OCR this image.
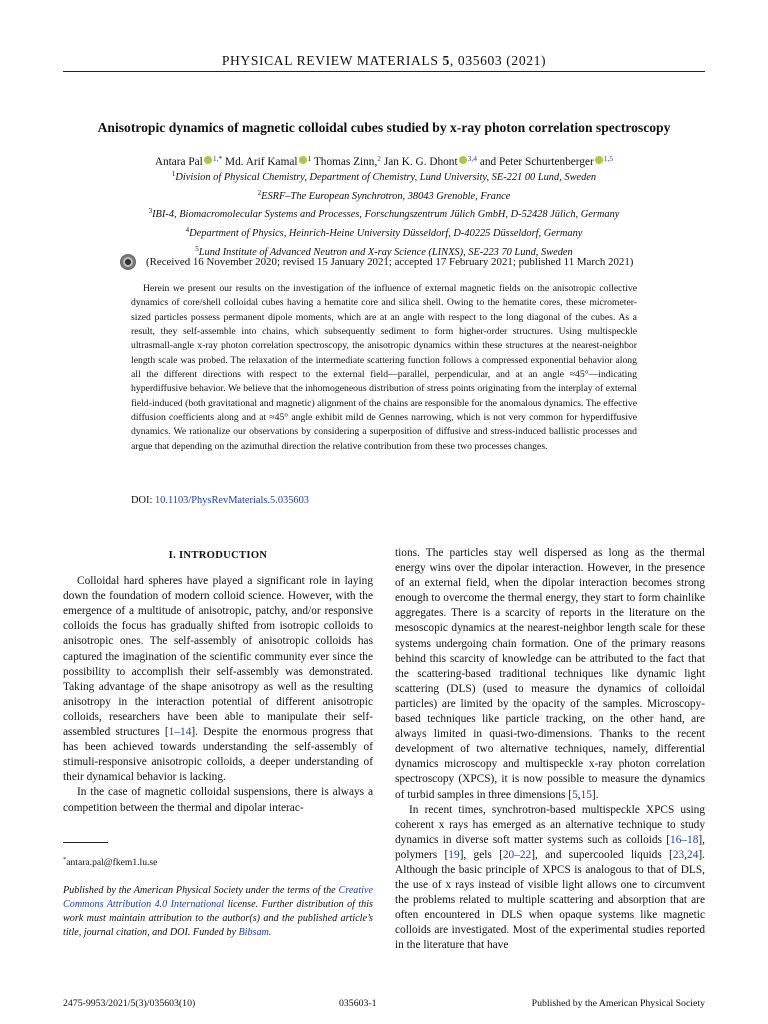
PHYSICAL REVIEW MATERIALS 5, 035603 (2021)
Anisotropic dynamics of magnetic colloidal cubes studied by x-ray photon correlation spectroscopy
Antara Pal $^{1,*}$ Md. Arif Kamal $^1$ Thomas Zinn,$^2$ Jan K. G. Dhont $^{3,4}$ and Peter Schurtenberger $^{1,5}$
$^1$Division of Physical Chemistry, Department of Chemistry, Lund University, SE-221 00 Lund, Sweden
$^2$ESRF–The European Synchrotron, 38043 Grenoble, France
$^3$IBI-4, Biomacromolecular Systems and Processes, Forschungszentrum Jülich GmbH, D-52428 Jülich, Germany
$^4$Department of Physics, Heinrich-Heine University Düsseldorf, D-40225 Düsseldorf, Germany
$^5$Lund Institute of Advanced Neutron and X-ray Science (LINXS), SE-223 70 Lund, Sweden
(Received 16 November 2020; revised 15 January 2021; accepted 17 February 2021; published 11 March 2021)
Herein we present our results on the investigation of the influence of external magnetic fields on the anisotropic collective dynamics of core/shell colloidal cubes having a hematite core and silica shell. Owing to the hematite cores, these micrometer-sized particles possess permanent dipole moments, which are at an angle with respect to the long diagonal of the cubes. As a result, they self-assemble into chains, which subsequently sediment to form higher-order structures. Using multispeckle ultrasmall-angle x-ray photon correlation spectroscopy, the anisotropic dynamics within these structures at the nearest-neighbor length scale was probed. The relaxation of the intermediate scattering function follows a compressed exponential behavior along all the different directions with respect to the external field—parallel, perpendicular, and at an angle ≈45°—indicating hyperdiffusive behavior. We believe that the inhomogeneous distribution of stress points originating from the interplay of external field-induced (both gravitational and magnetic) alignment of the chains are responsible for the anomalous dynamics. The effective diffusion coefficients along and at ≈45° angle exhibit mild de Gennes narrowing, which is not very common for hyperdiffusive dynamics. We rationalize our observations by considering a superposition of diffusive and stress-induced ballistic processes and argue that depending on the azimuthal direction the relative contribution from these two processes changes.
DOI: 10.1103/PhysRevMaterials.5.035603
I. INTRODUCTION

Colloidal hard spheres have played a significant role in laying down the foundation of modern colloid science. However, with the emergence of a multitude of anisotropic, patchy, and/or responsive colloids the focus has gradually shifted from isotropic colloids to anisotropic ones. The self-assembly of anisotropic colloids has captured the imagination of the scientific community ever since the possibility to accomplish their self-assembly was demonstrated. Taking advantage of the shape anisotropy as well as the resulting anisotropy in the interaction potential of different anisotropic colloids, researchers have been able to manipulate their self-assembled structures [1–14]. Despite the enormous progress that has been achieved towards understanding the self-assembly of stimuli-responsive anisotropic colloids, a deeper understanding of their dynamical behavior is lacking.

In the case of magnetic colloidal suspensions, there is always a competition between the thermal and dipolar interac-

tions. The particles stay well dispersed as long as the thermal energy wins over the dipolar interaction. However, in the presence of an external field, when the dipolar interaction becomes strong enough to overcome the thermal energy, they start to form chainlike aggregates. There is a scarcity of reports in the literature on the mesoscopic dynamics at the nearest-neighbor length scale for these systems undergoing chain formation. One of the primary reasons behind this scarcity of knowledge can be attributed to the fact that the scattering-based traditional techniques like dynamic light scattering (DLS) (used to measure the dynamics of colloidal particles) are limited by the opacity of the samples. Microscopy-based techniques like particle tracking, on the other hand, are always limited in quasi-two-dimensions. Thanks to the recent development of two alternative techniques, namely, differential dynamics microscopy and multispeckle x-ray photon correlation spectroscopy (XPCS), it is now possible to measure the dynamics of turbid samples in three dimensions [5,15].

In recent times, synchrotron-based multispeckle XPCS using coherent x rays has emerged as an alternative technique to study dynamics in diverse soft matter systems such as colloids [16–18], polymers [19], gels [20–22], and supercooled liquids [23,24]. Although the basic principle of XPCS is analogous to that of DLS, the use of x rays instead of visible light allows one to circumvent the problems related to multiple scattering and absorption that are often encountered in DLS when opaque systems like magnetic colloids are investigated. Most of the experimental studies reported in the literature that have

*antara.pal@fkem1.lu.se
Published by the American Physical Society under the terms of the Creative Commons Attribution 4.0 International license. Further distribution of this work must maintain attribution to the author(s) and the published article’s title, journal citation, and DOI. Funded by Bibsam.
2475-9953/2021/5(3)/035603(10)	035603-1	Published by the American Physical Society
